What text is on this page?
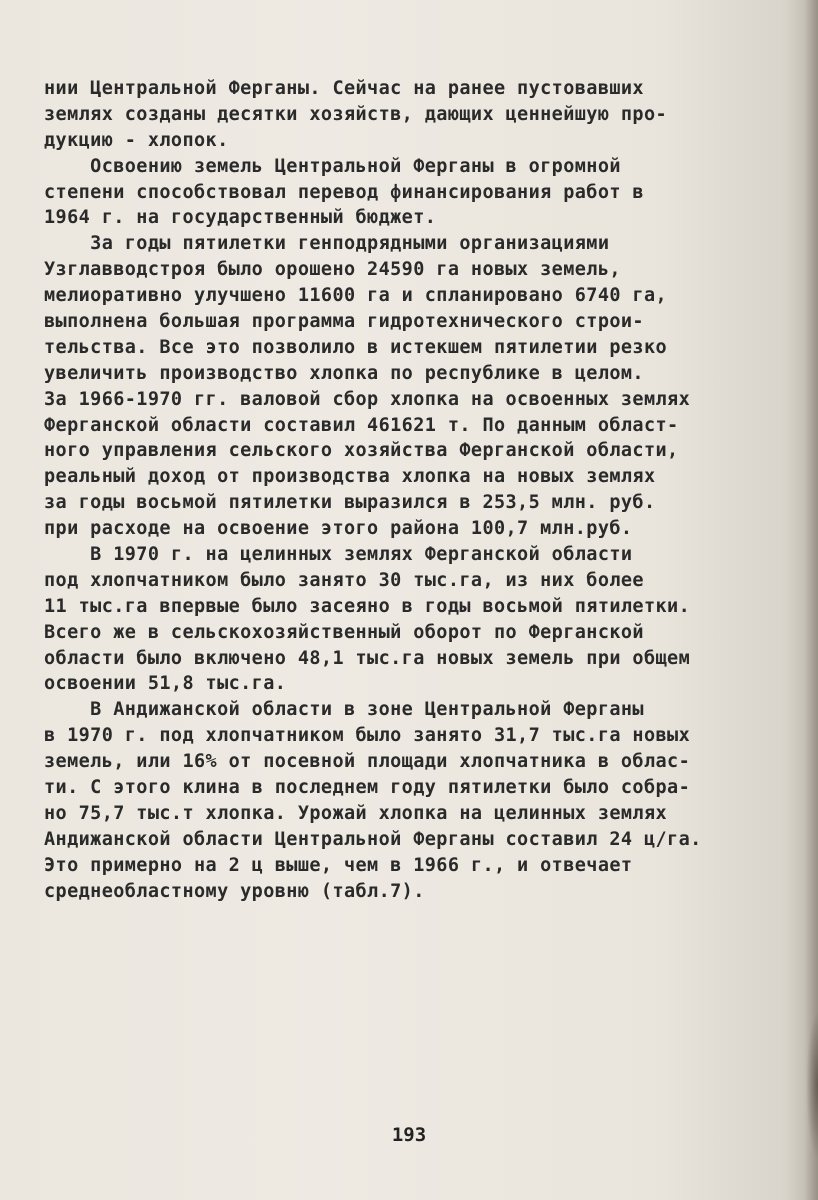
нии Центральной Ферганы. Сейчас на ранее пустовавших
землях созданы десятки хозяйств, дающих ценнейшую про-
дукцию - хлопок.
Освоению земель Центральной Ферганы в огромной
степени способствовал перевод финансирования работ в
1964 г. на государственный бюджет.
За годы пятилетки генподрядными организациями
Узглавводстроя было орошено 24590 га новых земель,
мелиоративно улучшено 11600 га и спланировано 6740 га,
выполнена большая программа гидротехнического строи-
тельства. Все это позволило в истекшем пятилетии резко
увеличить производство хлопка по республике в целом.
За 1966-1970 гг. валовой сбор хлопка на освоенных землях
Ферганской области составил 461621 т. По данным област-
ного управления сельского хозяйства Ферганской области,
реальный доход от производства хлопка на новых землях
за годы восьмой пятилетки выразился в 253,5 млн. руб.
при расходе на освоение этого района 100,7 млн.руб.
В 1970 г. на целинных землях Ферганской области
под хлопчатником было занято 30 тыс.га, из них более
11 тыс.га впервые было засеяно в годы восьмой пятилетки.
Всего же в сельскохозяйственный оборот по Ферганской
области было включено 48,1 тыс.га новых земель при общем
освоении 51,8 тыс.га.
В Андижанской области в зоне Центральной Ферганы
в 1970 г. под хлопчатником было занято 31,7 тыс.га новых
земель, или 16% от посевной площади хлопчатника в облас-
ти. С этого клина в последнем году пятилетки было собра-
но 75,7 тыс.т хлопка. Урожай хлопка на целинных землях
Андижанской области Центральной Ферганы составил 24 ц/га.
Это примерно на 2 ц выше, чем в 1966 г., и отвечает
среднеобластному уровню (табл.7).
193
